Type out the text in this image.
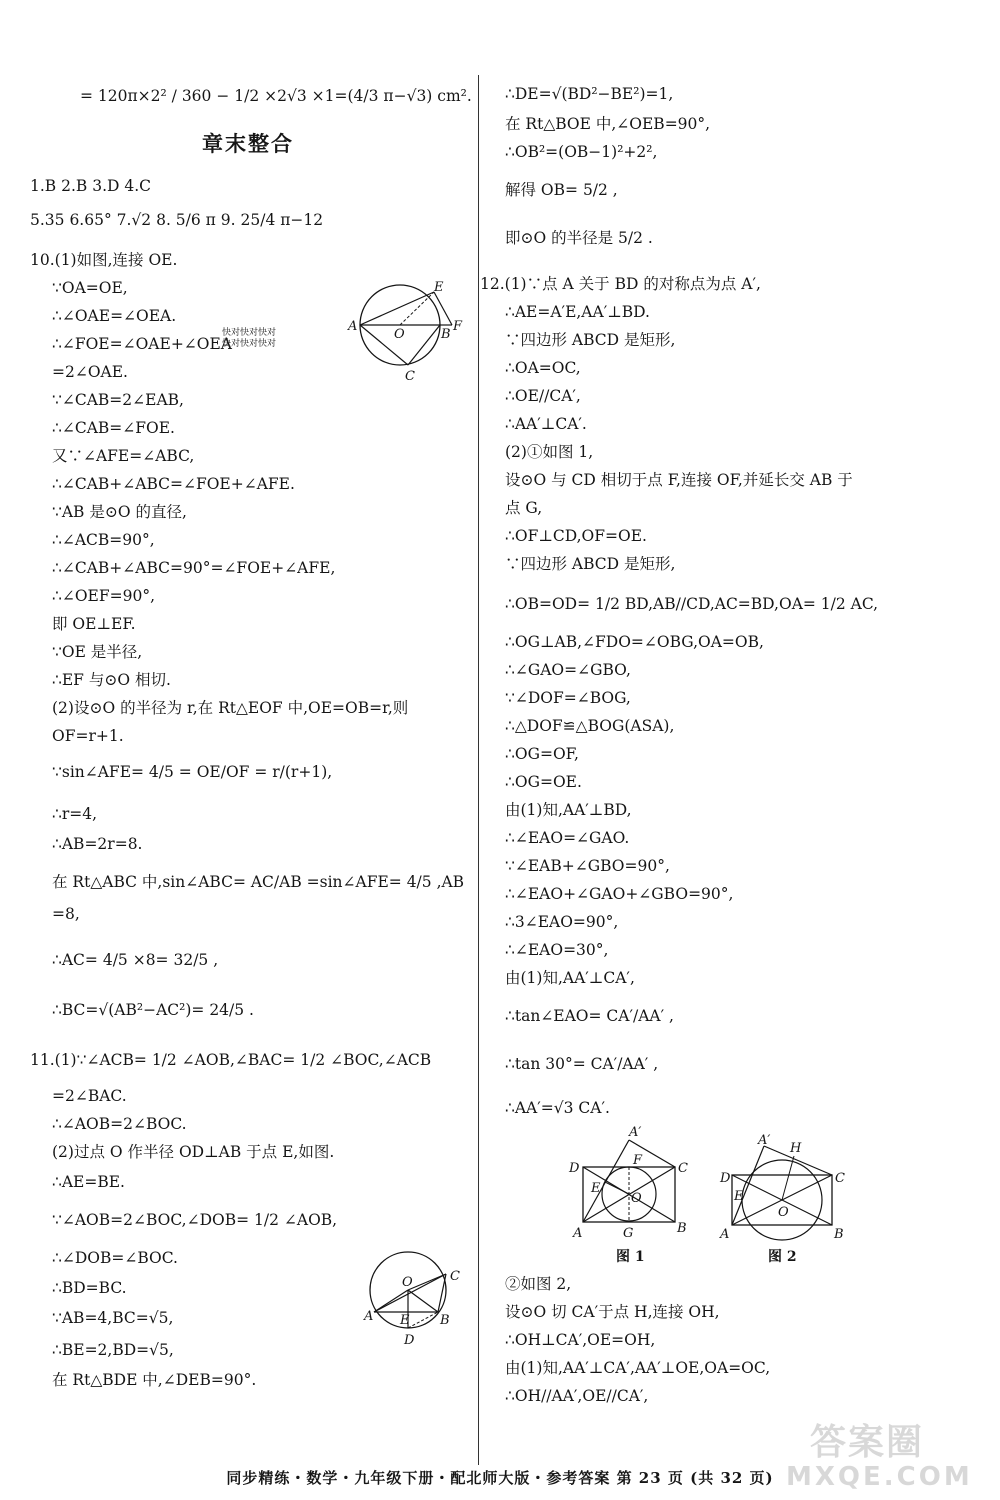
= 120π×2² / 360 − 1/2 ×2√3 ×1=(4/3 π−√3) cm².
章末整合
1.B 2.B 3.D 4.C
5.35 6.65° 7.√2 8. 5/6 π 9. 25/4 π−12
10.(1)如图,连接 OE.
∵OA=OE,
∴∠OAE=∠OEA.
∴∠FOE=∠OAE+∠OEA
=2∠OAE.
∵∠CAB=2∠EAB,
∴∠CAB=∠FOE.
又∵∠AFE=∠ABC,
∴∠CAB+∠ABC=∠FOE+∠AFE.
∵AB 是⊙O 的直径,
∴∠ACB=90°,
∴∠CAB+∠ABC=90°=∠FOE+∠AFE,
∴∠OEF=90°,
即 OE⊥EF.
∵OE 是半径,
∴EF 与⊙O 相切.
(2)设⊙O 的半径为 r,在 Rt△EOF 中,OE=OB=r,则
OF=r+1.
∵sin∠AFE= 4/5 = OE/OF = r/(r+1),
∴r=4,
∴AB=2r=8.
在 Rt△ABC 中,sin∠ABC= AC/AB =sin∠AFE= 4/5 ,AB
=8,
∴AC= 4/5 ×8= 32/5 ,
∴BC=√(AB²−AC²)= 24/5 .
11.(1)∵∠ACB= 1/2 ∠AOB,∠BAC= 1/2 ∠BOC,∠ACB
=2∠BAC.
∴∠AOB=2∠BOC.
(2)过点 O 作半径 OD⊥AB 于点 E,如图.
∴AE=BE.
∵∠AOB=2∠BOC,∠DOB= 1/2 ∠AOB,
∴∠DOB=∠BOC.
∴BD=BC.
∵AB=4,BC=√5,
∴BE=2,BD=√5,
在 Rt△BDE 中,∠DEB=90°.
A
O	B
F
E
C
快对快对快对 快对快对快对
O	C
A E B
D
∴DE=√(BD²−BE²)=1,
在 Rt△BOE 中,∠OEB=90°,
∴OB²=(OB−1)²+2²,
解得 OB= 5/2 ,
即⊙O 的半径是 5/2 .
12.(1)∵点 A 关于 BD 的对称点为点 A′,
∴AE=A′E,AA′⊥BD.
∵四边形 ABCD 是矩形,
∴OA=OC,
∴OE//CA′,
∴AA′⊥CA′.
(2)①如图 1,
设⊙O 与 CD 相切于点 F,连接 OF,并延长交 AB 于
点 G,
∴OF⊥CD,OF=OE.
∵四边形 ABCD 是矩形,
∴OB=OD= 1/2 BD,AB//CD,AC=BD,OA= 1/2 AC,
∴OG⊥AB,∠FDO=∠OBG,OA=OB,
∴∠GAO=∠GBO,
∵∠DOF=∠BOG,
∴△DOF≌△BOG(ASA),
∴OG=OF,
∴OG=OE.
由(1)知,AA′⊥BD,
∴∠EAO=∠GAO.
∵∠EAB+∠GBO=90°,
∴∠EAO+∠GAO+∠GBO=90°,
∴3∠EAO=90°,
∴∠EAO=30°,
由(1)知,AA′⊥CA′,
∴tan∠EAO= CA′/AA′ ,
∴tan 30°= CA′/AA′ ,
∴AA′=√3 CA′.
②如图 2,
设⊙O 切 CA′于点 H,连接 OH,
∴OH⊥CA′,OE=OH,
由(1)知,AA′⊥CA′,AA′⊥OE,OA=OC,
∴OH//AA′,OE//CA′,
A′
D
F
C
E
O
A	G	B
图 1
A′
H
D	C
E
O
A	B
图 2
同步精练・数学・九年级下册・配北师大版・参考答案 第 23 页 (共 32 页)
答案圈
MXQE.COM
